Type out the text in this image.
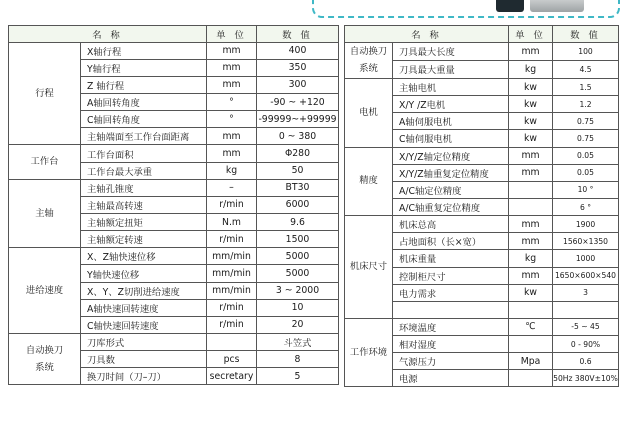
名 称		单 位	数 值
行程	X轴行程	mm	400
	Y轴行程	mm	350
	Z 轴行程	mm	300
	A轴回转角度	°	-90 ~ +120
	C轴回转角度	°	-99999~+99999
	主轴端面至工作台面距离	mm	0 ~ 380
工作台	工作台面积	mm	Φ280
	工作台最大承重	kg	50
主轴	主轴孔锥度	–	BT30
	主轴最高转速	r/min	6000
	主轴额定扭矩	N.m	9.6
	主轴额定转速	r/min	1500
进给速度	X、Z轴快速位移	mm/min	5000
	Y轴快速位移	mm/min	5000
	X、Y、Z切削进给速度	mm/min	3 ~ 2000
	A轴快速回转速度	r/min	10
	C轴快速回转速度	r/min	20
自动换刀
系统	刀库形式		斗笠式
	刀具数	pcs	8
	换刀时间（刀–刀）	secretary	5
名 称		单 位	数 值
自动换刀
系统	刀具最大长度	mm	100
	刀具最大重量	kg	4.5
电机	主轴电机	kw	1.5
	X/Y /Z电机	kw	1.2
	A轴伺服电机	kw	0.75
	C轴伺服电机	kw	0.75
精度	X/Y/Z轴定位精度	mm	0.05
	X/Y/Z轴重复定位精度	mm	0.05
	A/C轴定位精度		10 °
	A/C轴重复定位精度		6 °
机床尺寸	机床总高	mm	1900
	占地面积（长×宽）	mm	1560×1350
	机床重量	kg	1000
	控制柜尺寸	mm	1650×600×540
	电力需求	kw	3

工作环境	环境温度	℃	-5 ~ 45
	相对湿度		0 - 90%
	气源压力	Mpa	0.6
	电源		50Hz 380V±10%
